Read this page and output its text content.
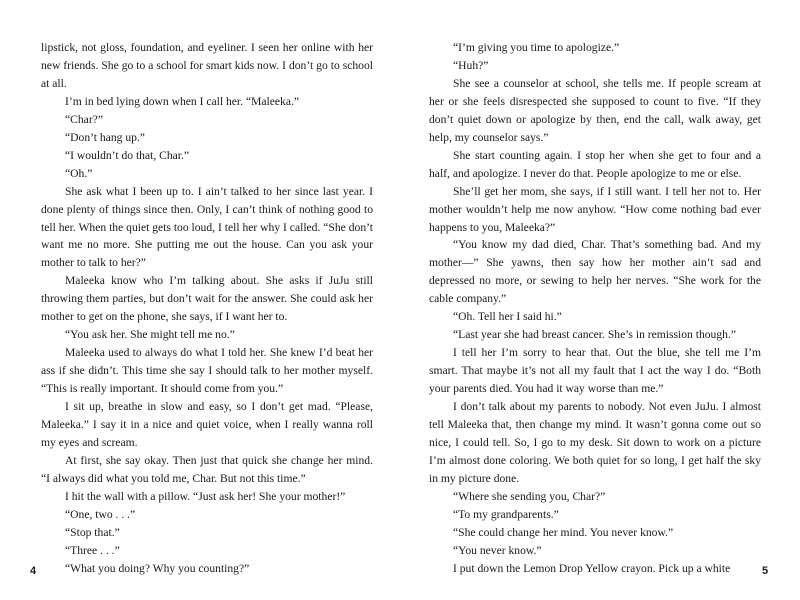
lipstick, not gloss, foundation, and eyeliner. I seen her online with her new friends. She go to a school for smart kids now. I don’t go to school at all.

I’m in bed lying down when I call her. “Maleeka.”

“Char?”

“Don’t hang up.”

“I wouldn’t do that, Char.”

“Oh.”

She ask what I been up to. I ain’t talked to her since last year. I done plenty of things since then. Only, I can’t think of nothing good to tell her. When the quiet gets too loud, I tell her why I called. “She don’t want me no more. She putting me out the house. Can you ask your mother to talk to her?”

Maleeka know who I’m talking about. She asks if JuJu still throwing them parties, but don’t wait for the answer. She could ask her mother to get on the phone, she says, if I want her to.

“You ask her. She might tell me no.”

Maleeka used to always do what I told her. She knew I’d beat her ass if she didn’t. This time she say I should talk to her mother myself. “This is really important. It should come from you.”

I sit up, breathe in slow and easy, so I don’t get mad. “Please, Maleeka.” I say it in a nice and quiet voice, when I really wanna roll my eyes and scream.

At first, she say okay. Then just that quick she change her mind. “I always did what you told me, Char. But not this time.”

I hit the wall with a pillow. “Just ask her! She your mother!”

“One, two . . .”

“Stop that.”

“Three . . .”

“What you doing? Why you counting?”

“I’m giving you time to apologize.”

“Huh?”

She see a counselor at school, she tells me. If people scream at her or she feels disrespected she supposed to count to five. “If they don’t quiet down or apologize by then, end the call, walk away, get help, my counselor says.”

She start counting again. I stop her when she get to four and a half, and apologize. I never do that. People apologize to me or else.

She’ll get her mom, she says, if I still want. I tell her not to. Her mother wouldn’t help me now anyhow. “How come nothing bad ever happens to you, Maleeka?”

“You know my dad died, Char. That’s something bad. And my mother—” She yawns, then say how her mother ain’t sad and depressed no more, or sewing to help her nerves. “She work for the cable company.”

“Oh. Tell her I said hi.”

“Last year she had breast cancer. She’s in remission though.”

I tell her I’m sorry to hear that. Out the blue, she tell me I’m smart. That maybe it’s not all my fault that I act the way I do. “Both your parents died. You had it way worse than me.”

I don’t talk about my parents to nobody. Not even JuJu. I almost tell Maleeka that, then change my mind. It wasn’t gonna come out so nice, I could tell. So, I go to my desk. Sit down to work on a picture I’m almost done coloring. We both quiet for so long, I get half the sky in my picture done.

“Where she sending you, Char?”

“To my grandparents.”

“She could change her mind. You never know.”

“You never know.”

I put down the Lemon Drop Yellow crayon. Pick up a white

4	5
